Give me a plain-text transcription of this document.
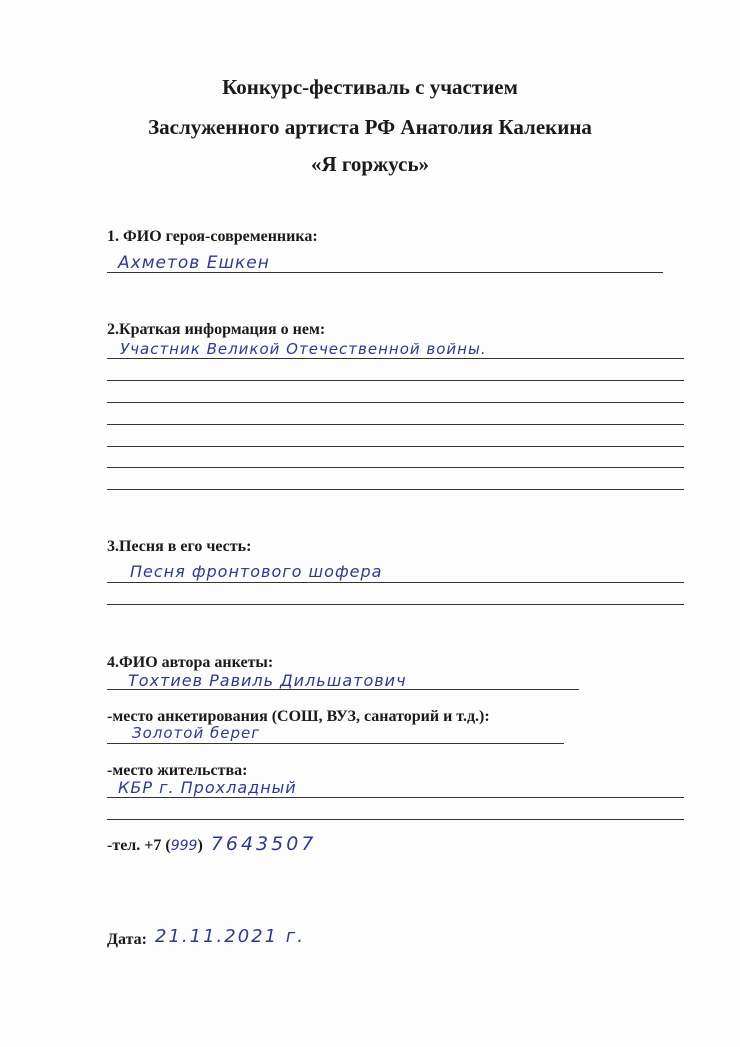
Конкурс-фестиваль с участием
Заслуженного артиста РФ Анатолия Калекина
«Я горжусь»
1. ФИО героя-современника:
Ахметов Ешкен
2.Краткая информация о нем:
Участник Великой Отечественной войны.
3.Песня в его честь:
Песня фронтового шофера
4.ФИО автора анкеты:
Тохтиев Равиль Дильшатович
-место анкетирования (СОШ, ВУЗ, санаторий и т.д.):
Золотой берег
-место жительства:
КБР г. Прохладный
-тел. +7 (999) 7643507
Дата: 21.11.2021 г.
